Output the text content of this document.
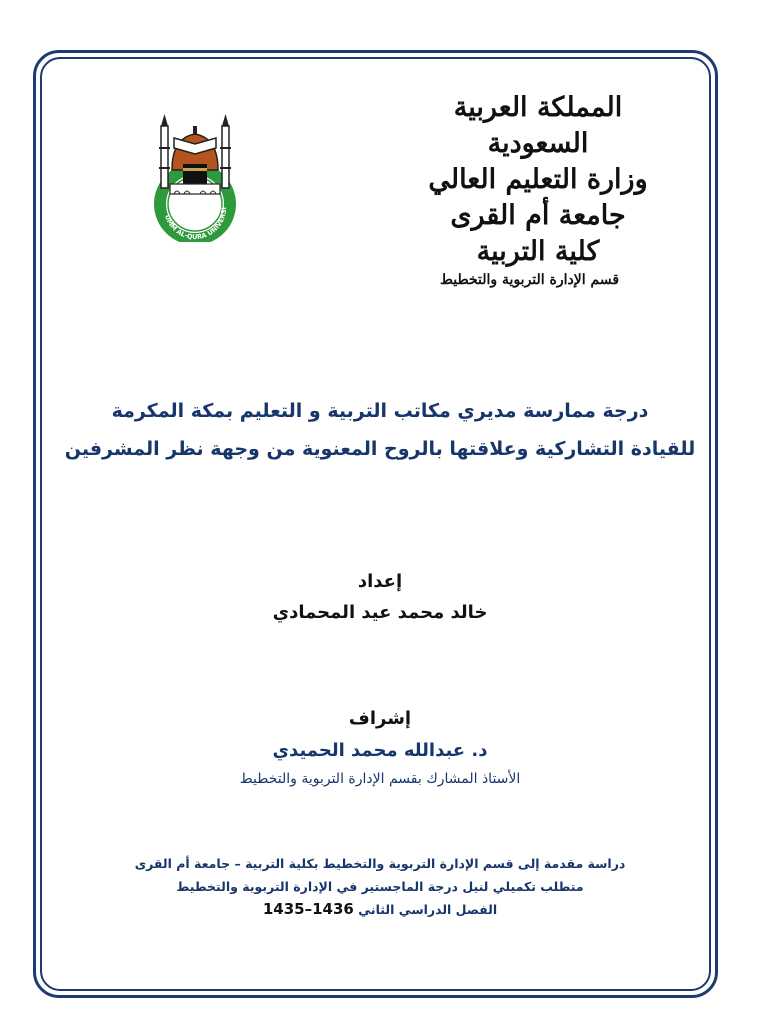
UMM AL-QURA UNIVERSI
المملكة العربية السعودية
وزارة التعليم العالي
جامعة أم القرى
كلية التربية
قسم الإدارة التربوية والتخطيط
درجة ممارسة مديري مكاتب التربية و التعليم بمكة المكرمة
للقيادة التشاركية وعلاقتها بالروح المعنوية من وجهة نظر المشرفين
إعداد
خالد محمد عيد المحمادي
إشراف
د. عبدالله محمد الحميدي
الأستاذ المشارك بقسم الإدارة التربوية والتخطيط
دراسة مقدمة إلى قسم الإدارة التربوية والتخطيط بكلية التربية – جامعة أم القرى
متطلب تكميلي لنيل درجة الماجستير في الإدارة التربوية والتخطيط
الفصل الدراسي الثاني 1435–1436
